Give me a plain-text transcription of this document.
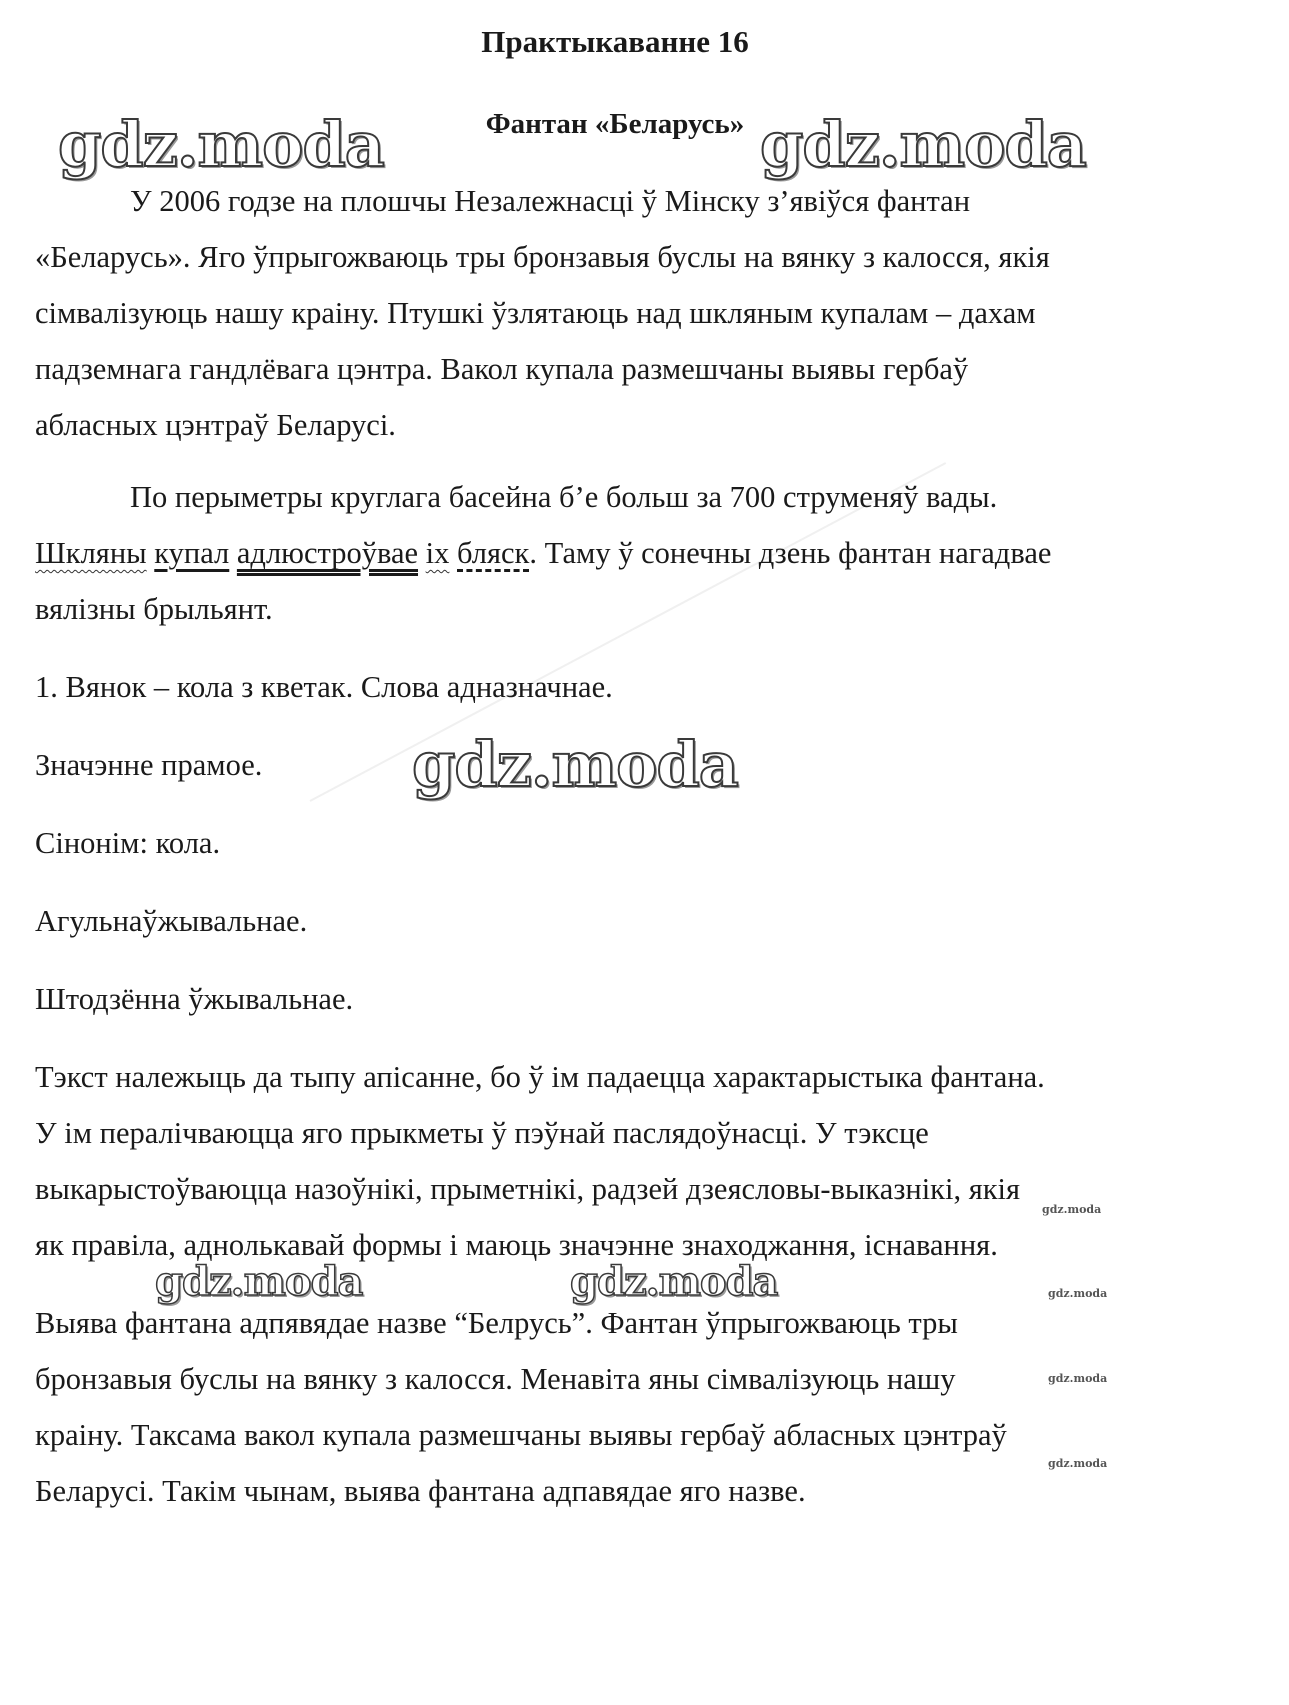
Практыкаванне 16
Фантан «Беларусь»
У 2006 годзе на плошчы Незалежнасці ў Мінску з’явіўся фантан
«Беларусь». Яго ўпрыгожваюць тры бронзавыя буслы на вянку з калосся, якія
сімвалізуюць нашу краіну. Птушкі ўзлятаюць над шкляным купалам – дахам
падземнага гандлёвага цэнтра. Вакол купала размешчаны выявы гербаў
абласных цэнтраў Беларусі.
По перыметры круглага басейна б’е больш за 700 струменяў вады.
Шкляны купал адлюстроўвае іх бляск. Таму ў сонечны дзень фантан нагадвае
вялізны брыльянт.
1. Вянок – кола з кветак. Слова адназначнае.
Значэнне прамое.
Сінонім: кола.
Агульнаўжывальнае.
Штодзённа ўжывальнае.
Тэкст належыць да тыпу апісанне, бо ў ім падаецца характарыстыка фантана.
У ім пералічваюцца яго прыкметы ў пэўнай паслядоўнасці. У тэксце
выкарыстоўваюцца назоўнікі, прыметнікі, радзей дзеясловы-выказнікі, якія
як правіла, аднолькавай формы і маюць значэнне знаходжання, існавання.
Выява фантана адпявядае назве “Белрусь”. Фантан ўпрыгожваюць тры
бронзавыя буслы на вянку з калосся. Менавіта яны сімвалізуюць нашу
краіну. Таксама вакол купала размешчаны выявы гербаў абласных цэнтраў
Беларусі. Такім чынам, выява фантана адпавядае яго назве.
gdz.moda	gdz.moda
gdz.moda
gdz.moda	gdz.moda
gdz.moda
gdz.moda
gdz.moda
gdz.moda
